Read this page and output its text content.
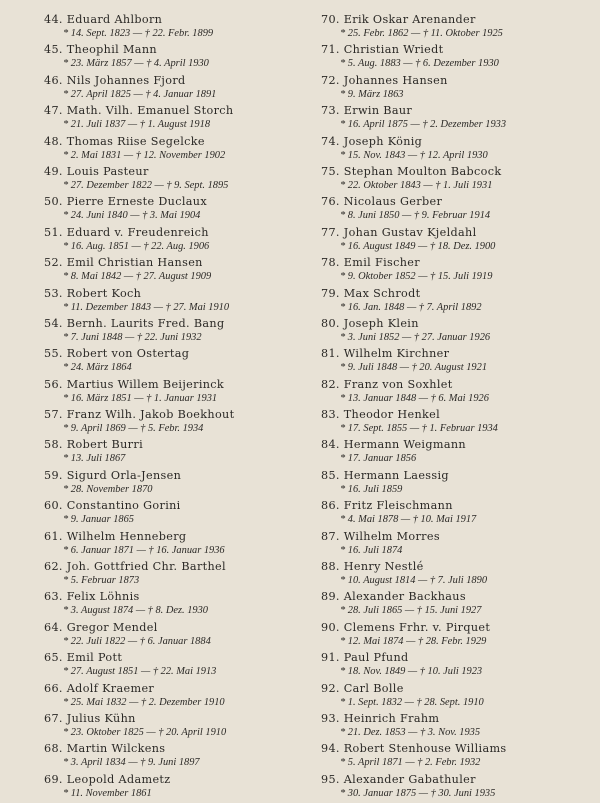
44. Eduard Ahlborn
* 14. Sept. 1823 — † 22. Febr. 1899
45. Theophil Mann
* 23. März 1857 — † 4. April 1930
46. Nils Johannes Fjord
* 27. April 1825 — † 4. Januar 1891
47. Math. Vilh. Emanuel Storch
* 21. Juli 1837 — † 1. August 1918
48. Thomas Riise Segelcke
* 2. Mai 1831 — † 12. November 1902
49. Louis Pasteur
* 27. Dezember 1822 — † 9. Sept. 1895
50. Pierre Erneste Duclaux
* 24. Juni 1840 — † 3. Mai 1904
51. Eduard v. Freudenreich
* 16. Aug. 1851 — † 22. Aug. 1906
52. Emil Christian Hansen
* 8. Mai 1842 — † 27. August 1909
53. Robert Koch
* 11. Dezember 1843 — † 27. Mai 1910
54. Bernh. Laurits Fred. Bang
* 7. Juni 1848 — † 22. Juni 1932
55. Robert von Ostertag
* 24. März 1864
56. Martius Willem Beijerinck
* 16. März 1851 — † 1. Januar 1931
57. Franz Wilh. Jakob Boekhout
* 9. April 1869 — † 5. Febr. 1934
58. Robert Burri
* 13. Juli 1867
59. Sigurd Orla-Jensen
* 28. November 1870
60. Constantino Gorini
* 9. Januar 1865
61. Wilhelm Henneberg
* 6. Januar 1871 — † 16. Januar 1936
62. Joh. Gottfried Chr. Barthel
* 5. Februar 1873
63. Felix Löhnis
* 3. August 1874 — † 8. Dez. 1930
64. Gregor Mendel
* 22. Juli 1822 — † 6. Januar 1884
65. Emil Pott
* 27. August 1851 — † 22. Mai 1913
66. Adolf Kraemer
* 25. Mai 1832 — † 2. Dezember 1910
67. Julius Kühn
* 23. Oktober 1825 — † 20. April 1910
68. Martin Wilckens
* 3. April 1834 — † 9. Juni 1897
69. Leopold Adametz
* 11. November 1861
70. Erik Oskar Arenander
* 25. Febr. 1862 — † 11. Oktober 1925
71. Christian Wriedt
* 5. Aug. 1883 — † 6. Dezember 1930
72. Johannes Hansen
* 9. März 1863
73. Erwin Baur
* 16. April 1875 — † 2. Dezember 1933
74. Joseph König
* 15. Nov. 1843 — † 12. April 1930
75. Stephan Moulton Babcock
* 22. Oktober 1843 — † 1. Juli 1931
76. Nicolaus Gerber
* 8. Juni 1850 — † 9. Februar 1914
77. Johan Gustav Kjeldahl
* 16. August 1849 — † 18. Dez. 1900
78. Emil Fischer
* 9. Oktober 1852 — † 15. Juli 1919
79. Max Schrodt
* 16. Jan. 1848 — † 7. April 1892
80. Joseph Klein
* 3. Juni 1852 — † 27. Januar 1926
81. Wilhelm Kirchner
* 9. Juli 1848 — † 20. August 1921
82. Franz von Soxhlet
* 13. Januar 1848 — † 6. Mai 1926
83. Theodor Henkel
* 17. Sept. 1855 — † 1. Februar 1934
84. Hermann Weigmann
* 17. Januar 1856
85. Hermann Laessig
* 16. Juli 1859
86. Fritz Fleischmann
* 4. Mai 1878 — † 10. Mai 1917
87. Wilhelm Morres
* 16. Juli 1874
88. Henry Nestlé
* 10. August 1814 — † 7. Juli 1890
89. Alexander Backhaus
* 28. Juli 1865 — † 15. Juni 1927
90. Clemens Frhr. v. Pirquet
* 12. Mai 1874 — † 28. Febr. 1929
91. Paul Pfund
* 18. Nov. 1849 — † 10. Juli 1923
92. Carl Bolle
* 1. Sept. 1832 — † 28. Sept. 1910
93. Heinrich Frahm
* 21. Dez. 1853 — † 3. Nov. 1935
94. Robert Stenhouse Williams
* 5. April 1871 — † 2. Febr. 1932
95. Alexander Gabathuler
* 30. Januar 1875 — † 30. Juni 1935
